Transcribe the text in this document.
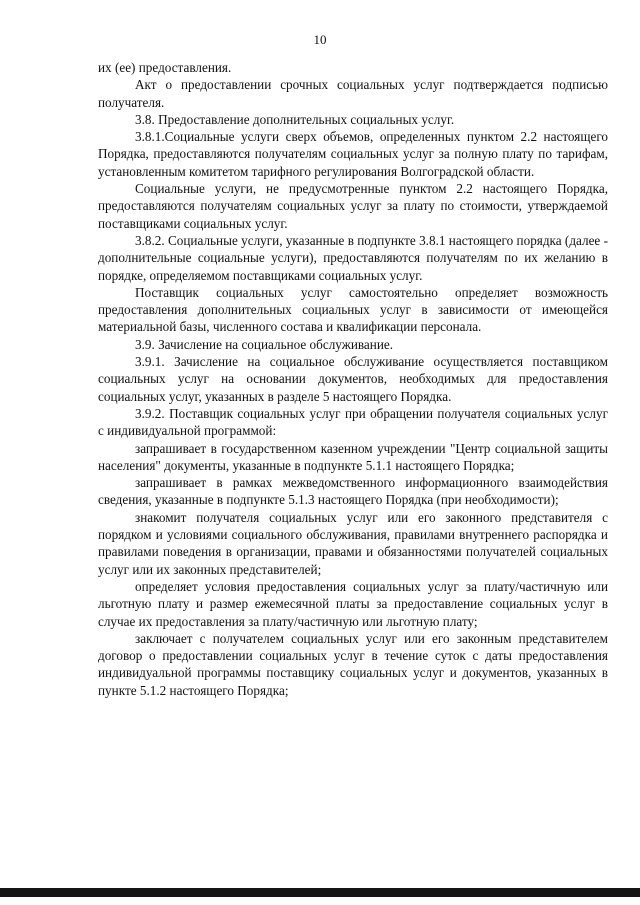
10

их (ее) предоставления.

Акт о предоставлении срочных социальных услуг подтверждается подписью получателя.

3.8. Предоставление дополнительных социальных услуг.

3.8.1.Социальные услуги сверх объемов, определенных пунктом 2.2 настоящего Порядка, предоставляются получателям социальных услуг за полную плату по тарифам, установленным комитетом тарифного регулирования Волгоградской области.

Социальные услуги, не предусмотренные пунктом 2.2 настоящего Порядка, предоставляются получателям социальных услуг за плату по стоимости, утверждаемой поставщиками социальных услуг.

3.8.2. Социальные услуги, указанные в подпункте 3.8.1 настоящего порядка (далее - дополнительные социальные услуги), предоставляются получателям по их желанию в порядке, определяемом поставщиками социальных услуг.

Поставщик социальных услуг самостоятельно определяет возможность предоставления дополнительных социальных услуг в зависимости от имеющейся материальной базы, численного состава и квалификации персонала.

3.9. Зачисление на социальное обслуживание.

3.9.1. Зачисление на социальное обслуживание осуществляется поставщиком социальных услуг на основании документов, необходимых для предоставления социальных услуг, указанных в разделе 5 настоящего Порядка.

3.9.2. Поставщик социальных услуг при обращении получателя социальных услуг с индивидуальной программой:

запрашивает в государственном казенном учреждении "Центр социальной защиты населения" документы, указанные в подпункте 5.1.1 настоящего Порядка;

запрашивает в рамках межведомственного информационного взаимодействия сведения, указанные в подпункте 5.1.3 настоящего Порядка (при необходимости);

знакомит получателя социальных услуг или его законного представителя с порядком и условиями социального обслуживания, правилами внутреннего распорядка и правилами поведения в организации, правами и обязанностями получателей социальных услуг или их законных представителей;

определяет условия предоставления социальных услуг за плату/частичную или льготную плату и размер ежемесячной платы за предоставление социальных услуг в случае их предоставления за плату/частичную или льготную плату;

заключает с получателем социальных услуг или его законным представителем договор о предоставлении социальных услуг в течение суток с даты предоставления индивидуальной программы поставщику социальных услуг и документов, указанных в пункте 5.1.2 настоящего Порядка;
